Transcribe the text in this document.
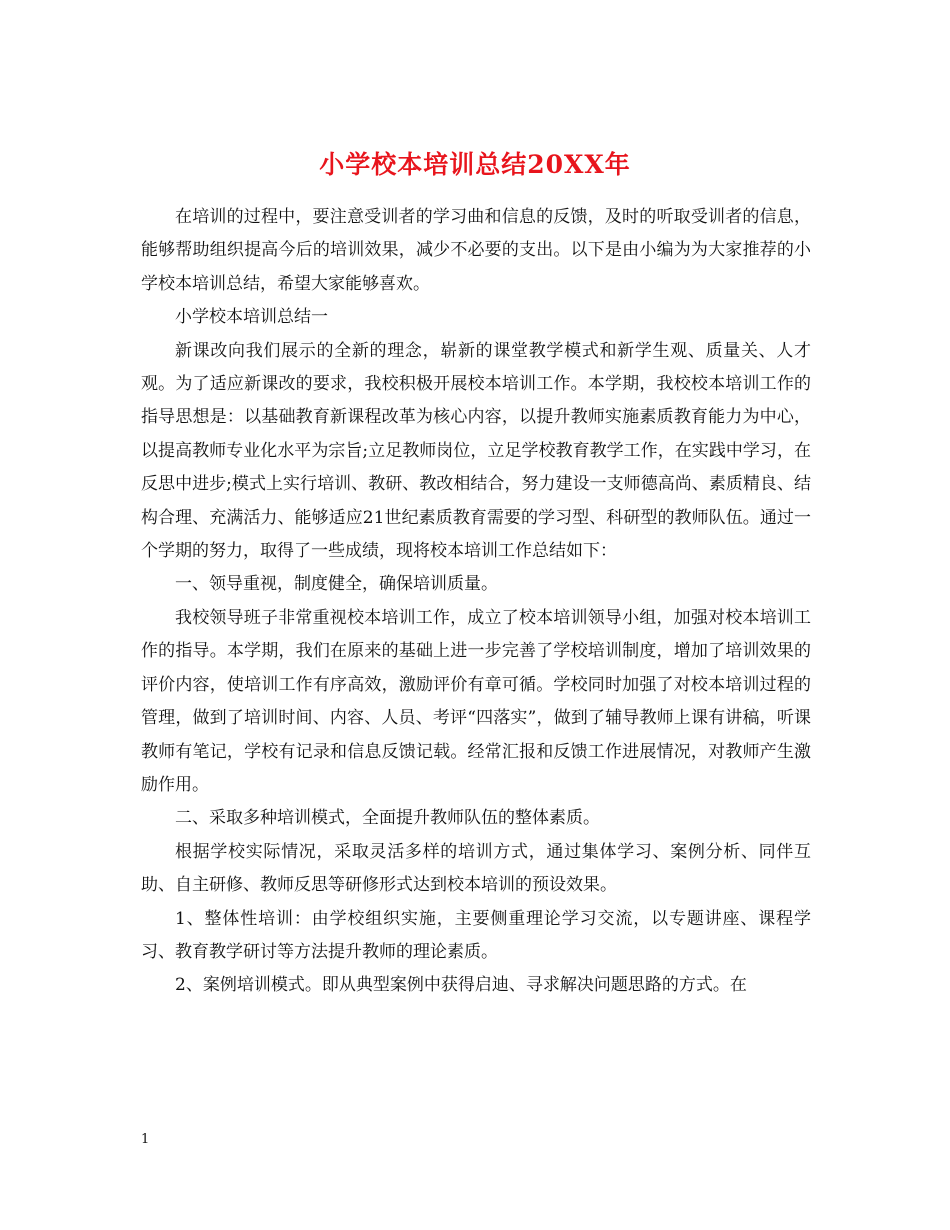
小学校本培训总结20XX年

在培训的过程中，要注意受训者的学习曲和信息的反馈，及时的听取受训者的信息，能够帮助组织提高今后的培训效果，减少不必要的支出。以下是由小编为为大家推荐的小学校本培训总结，希望大家能够喜欢。

小学校本培训总结一

新课改向我们展示的全新的理念，崭新的课堂教学模式和新学生观、质量关、人才观。为了适应新课改的要求，我校积极开展校本培训工作。本学期，我校校本培训工作的指导思想是：以基础教育新课程改革为核心内容，以提升教师实施素质教育能力为中心，以提高教师专业化水平为宗旨;立足教师岗位，立足学校教育教学工作，在实践中学习，在反思中进步;模式上实行培训、教研、教改相结合，努力建设一支师德高尚、素质精良、结构合理、充满活力、能够适应21世纪素质教育需要的学习型、科研型的教师队伍。通过一个学期的努力，取得了一些成绩，现将校本培训工作总结如下：

一、领导重视，制度健全，确保培训质量。

我校领导班子非常重视校本培训工作，成立了校本培训领导小组，加强对校本培训工作的指导。本学期，我们在原来的基础上进一步完善了学校培训制度，增加了培训效果的评价内容，使培训工作有序高效，激励评价有章可循。学校同时加强了对校本培训过程的管理，做到了培训时间、内容、人员、考评“四落实”，做到了辅导教师上课有讲稿，听课教师有笔记，学校有记录和信息反馈记载。经常汇报和反馈工作进展情况，对教师产生激励作用。

二、采取多种培训模式，全面提升教师队伍的整体素质。

根据学校实际情况，采取灵活多样的培训方式，通过集体学习、案例分析、同伴互助、自主研修、教师反思等研修形式达到校本培训的预设效果。

1、整体性培训：由学校组织实施，主要侧重理论学习交流，以专题讲座、课程学习、教育教学研讨等方法提升教师的理论素质。

2、案例培训模式。即从典型案例中获得启迪、寻求解决问题思路的方式。在

1
